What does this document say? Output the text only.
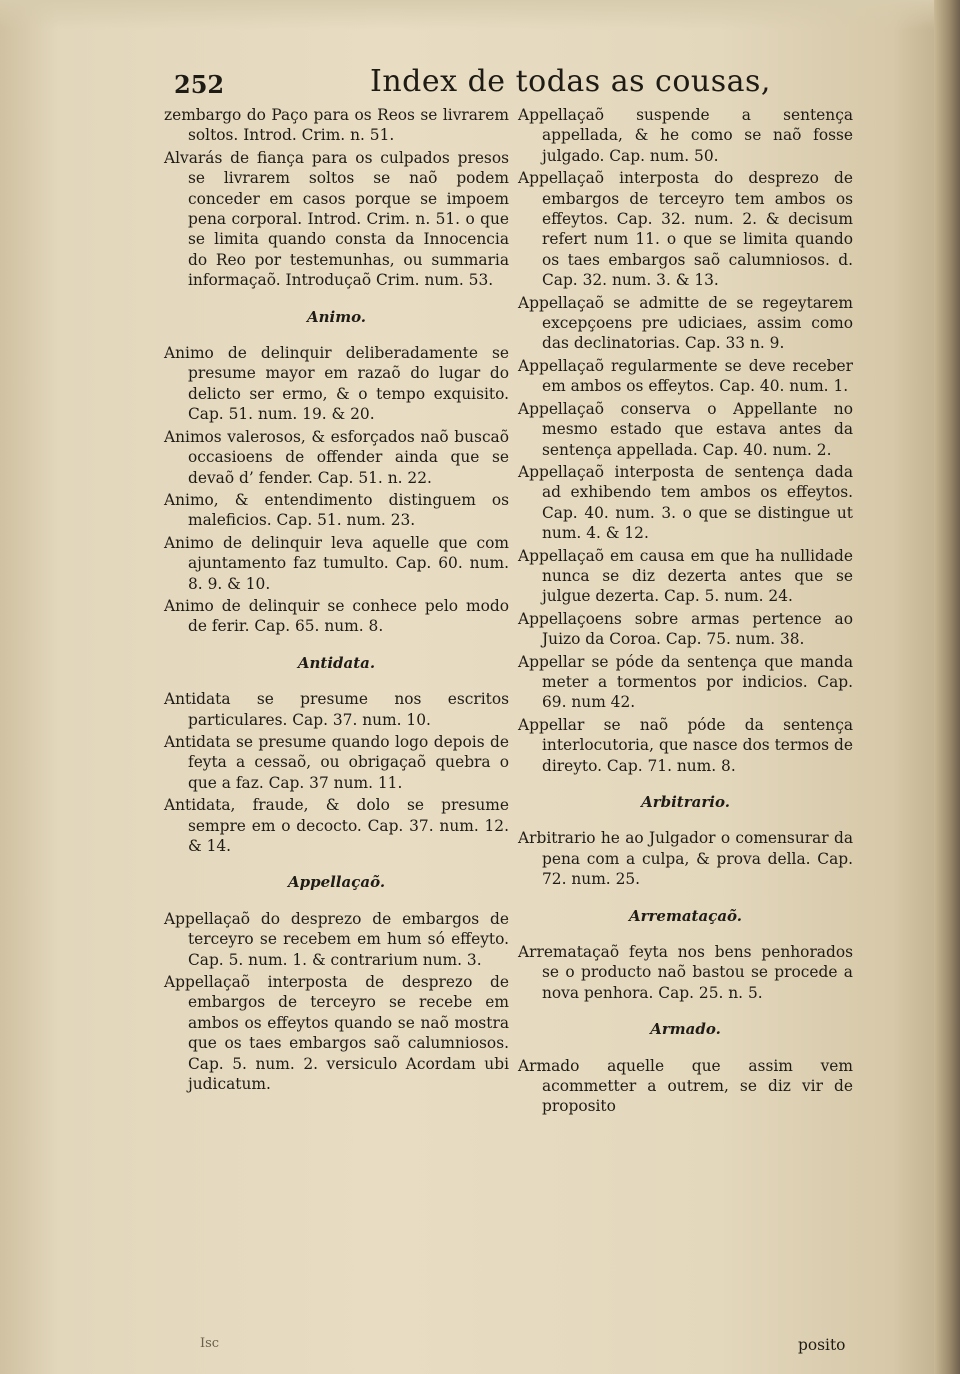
252	Index de todas as cousas,
zembargo do Paço para os Reos se livrarem soltos. Introd. Crim. n. 51.
Alvarás de fiança para os culpados presos se livrarem soltos se naõ podem conceder em casos porque se impoem pena corporal. Introd. Crim. n. 51. o que se limita quando consta da Innocencia do Reo por testemunhas, ou summaria informaçaõ. Introduçaõ Crim. num. 53.
Animo.
Animo de delinquir deliberadamente se presume mayor em razaõ do lugar do delicto ser ermo, & o tempo exquisito. Cap. 51. num. 19. & 20.
Animos valerosos, & esforçados naõ buscaõ occasioens de offender ainda que se devaõ d’ fender. Cap. 51. n. 22.
Animo, & entendimento distinguem os maleficios. Cap. 51. num. 23.
Animo de delinquir leva aquelle que com ajuntamento faz tumulto. Cap. 60. num. 8. 9. & 10.
Animo de delinquir se conhece pelo modo de ferir. Cap. 65. num. 8.
Antidata.
Antidata se presume nos escritos particulares. Cap. 37. num. 10.
Antidata se presume quando logo depois de feyta a cessaõ, ou obrigaçaõ quebra o que a faz. Cap. 37 num. 11.
Antidata, fraude, & dolo se presume sempre em o decocto. Cap. 37. num. 12. & 14.
Appellaçaõ.
Appellaçaõ do desprezo de embargos de terceyro se recebem em hum só effeyto. Cap. 5. num. 1. & contrarium num. 3.
Appellaçaõ interposta de desprezo de embargos de terceyro se recebe em ambos os effeytos quando se naõ mostra que os taes embargos saõ calumniosos. Cap. 5. num. 2. versiculo Acordam ubi judicatum.
Appellaçaõ suspende a sentença appellada, & he como se naõ fosse julgado. Cap. num. 50.
Appellaçaõ interposta do desprezo de embargos de terceyro tem ambos os effeytos. Cap. 32. num. 2. & decisum refert num 11. o que se limita quando os taes embargos saõ calumniosos. d. Cap. 32. num. 3. & 13.
Appellaçaõ se admitte de se regeytarem excepçoens pre udiciaes, assim como das declinatorias. Cap. 33 n. 9.
Appellaçaõ regularmente se deve receber em ambos os effeytos. Cap. 40. num. 1.
Appellaçaõ conserva o Appellante no mesmo estado que estava antes da sentença appellada. Cap. 40. num. 2.
Appellaçaõ interposta de sentença dada ad exhibendo tem ambos os effeytos. Cap. 40. num. 3. o que se distingue ut num. 4. & 12.
Appellaçaõ em causa em que ha nullidade nunca se diz dezerta antes que se julgue dezerta. Cap. 5. num. 24.
Appellaçoens sobre armas pertence ao Juizo da Coroa. Cap. 75. num. 38.
Appellar se póde da sentença que manda meter a tormentos por indicios. Cap. 69. num 42.
Appellar se naõ póde da sentença interlocutoria, que nasce dos termos de direyto. Cap. 71. num. 8.
Arbitrario.
Arbitrario he ao Julgador o comensurar da pena com a culpa, & prova della. Cap. 72. num. 25.
Arremataçaõ.
Arremataçaõ feyta nos bens penhorados se o producto naõ bastou se procede a nova penhora. Cap. 25. n. 5.
Armado.
Armado aquelle que assim vem acommetter a outrem, se diz vir de proposito
Isc	posito
